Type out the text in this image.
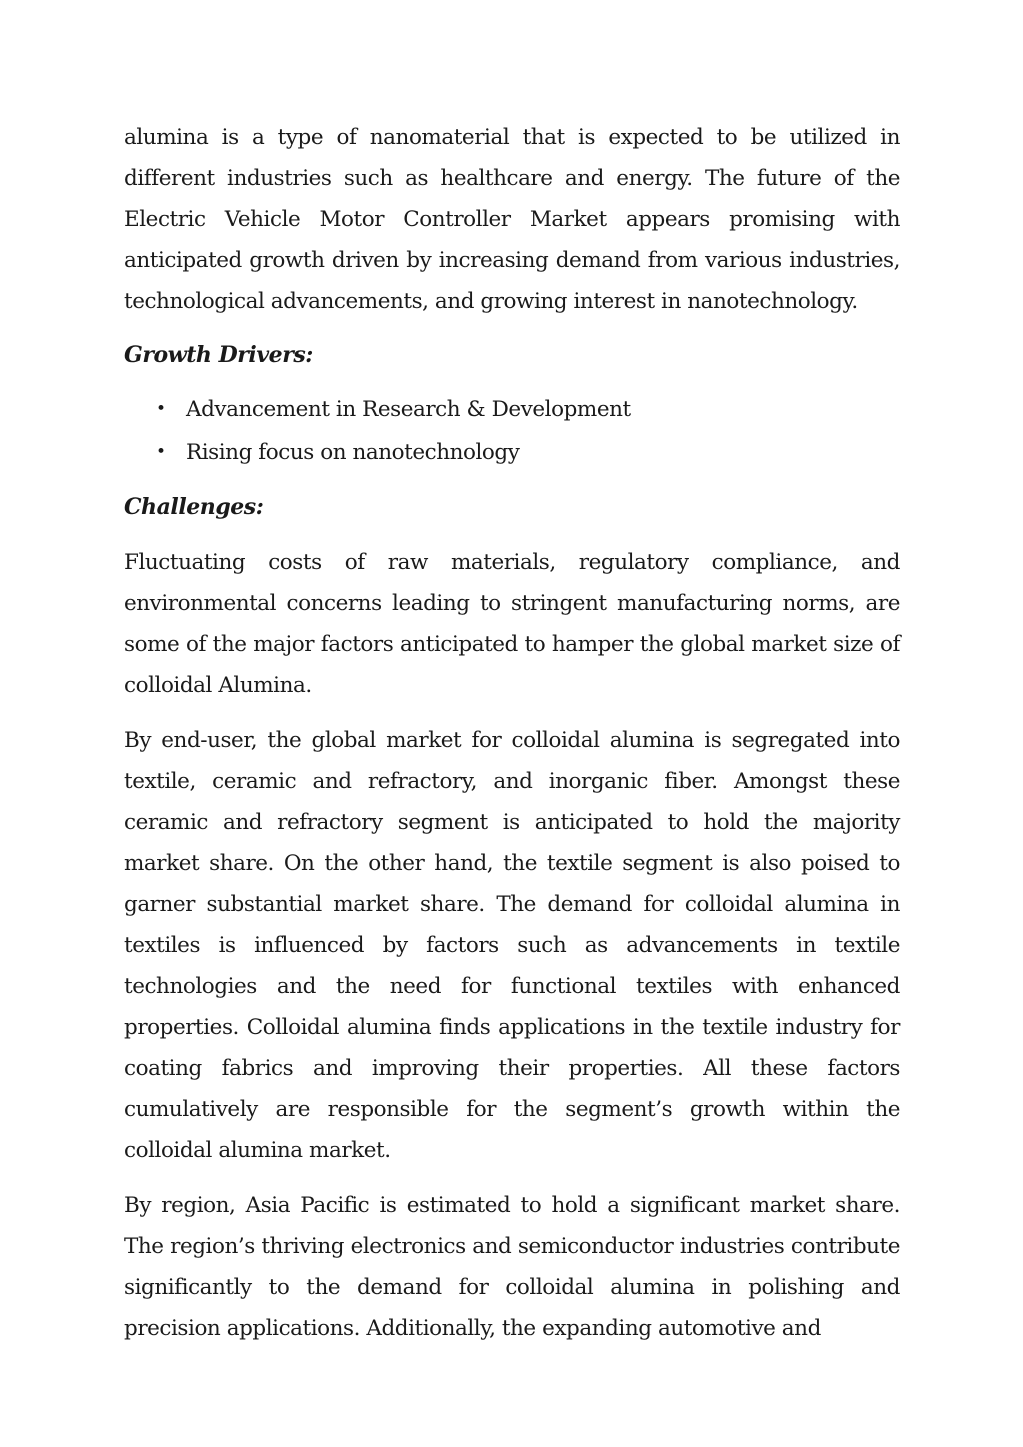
alumina is a type of nanomaterial that is expected to be utilized in different industries such as healthcare and energy. The future of the Electric Vehicle Motor Controller Market appears promising with anticipated growth driven by increasing demand from various industries, technological advancements, and growing interest in nanotechnology.

Growth Drivers:

• Advancement in Research & Development
• Rising focus on nanotechnology

Challenges:

Fluctuating costs of raw materials, regulatory compliance, and environmental concerns leading to stringent manufacturing norms, are some of the major factors anticipated to hamper the global market size of colloidal Alumina.

By end-user, the global market for colloidal alumina is segregated into textile, ceramic and refractory, and inorganic fiber. Amongst these ceramic and refractory segment is anticipated to hold the majority market share. On the other hand, the textile segment is also poised to garner substantial market share. The demand for colloidal alumina in textiles is influenced by factors such as advancements in textile technologies and the need for functional textiles with enhanced properties. Colloidal alumina finds applications in the textile industry for coating fabrics and improving their properties. All these factors cumulatively are responsible for the segment’s growth within the colloidal alumina market.

By region, Asia Pacific is estimated to hold a significant market share. The region’s thriving electronics and semiconductor industries contribute significantly to the demand for colloidal alumina in polishing and precision applications. Additionally, the expanding automotive and
